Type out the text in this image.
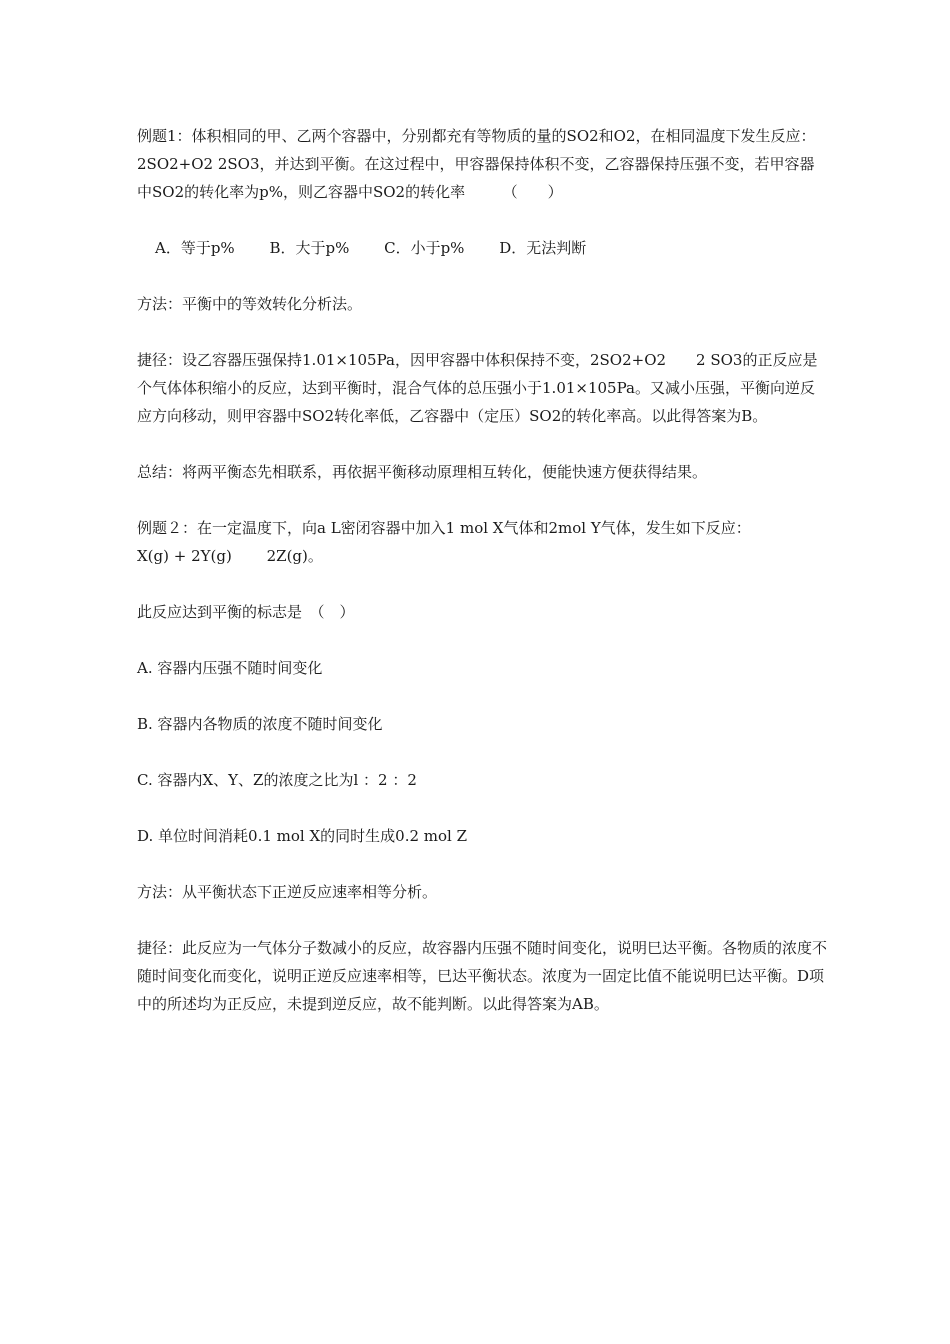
例题1：体积相同的甲、乙两个容器中，分别都充有等物质的量的SO2和O2，在相同温度下发生反应：2SO2+O2 2SO3，并达到平衡。在这过程中，甲容器保持体积不变，乙容器保持压强不变，若甲容器中SO2的转化率为p%，则乙容器中SO2的转化率　　　（　　）

A．等于p%　　 B．大于p%　　 C．小于p%　　 D．无法判断

方法：平衡中的等效转化分析法。

捷径：设乙容器压强保持1.01×105Pa，因甲容器中体积保持不变，2SO2+O2　　2 SO3的正反应是个气体体积缩小的反应，达到平衡时，混合气体的总压强小于1.01×105Pa。又减小压强，平衡向逆反应方向移动，则甲容器中SO2转化率低，乙容器中（定压）SO2的转化率高。以此得答案为B。

总结：将两平衡态先相联系，再依据平衡移动原理相互转化，便能快速方便获得结果。

例题２：在一定温度下，向a L密闭容器中加入1 mol X气体和2mol Y气体，发生如下反应：

X(g) + 2Y(g)　　 2Z(g)。

此反应达到平衡的标志是　（　）

A. 容器内压强不随时间变化

B. 容器内各物质的浓度不随时间变化

C. 容器内X、Y、Z的浓度之比为l ：2 ：2

D. 单位时间消耗0.1 mol X的同时生成0.2 mol Z

方法：从平衡状态下正逆反应速率相等分析。

捷径：此反应为一气体分子数减小的反应，故容器内压强不随时间变化，说明巳达平衡。各物质的浓度不随时间变化而变化，说明正逆反应速率相等，巳达平衡状态。浓度为一固定比值不能说明巳达平衡。D项中的所述均为正反应，未提到逆反应，故不能判断。以此得答案为AB。
